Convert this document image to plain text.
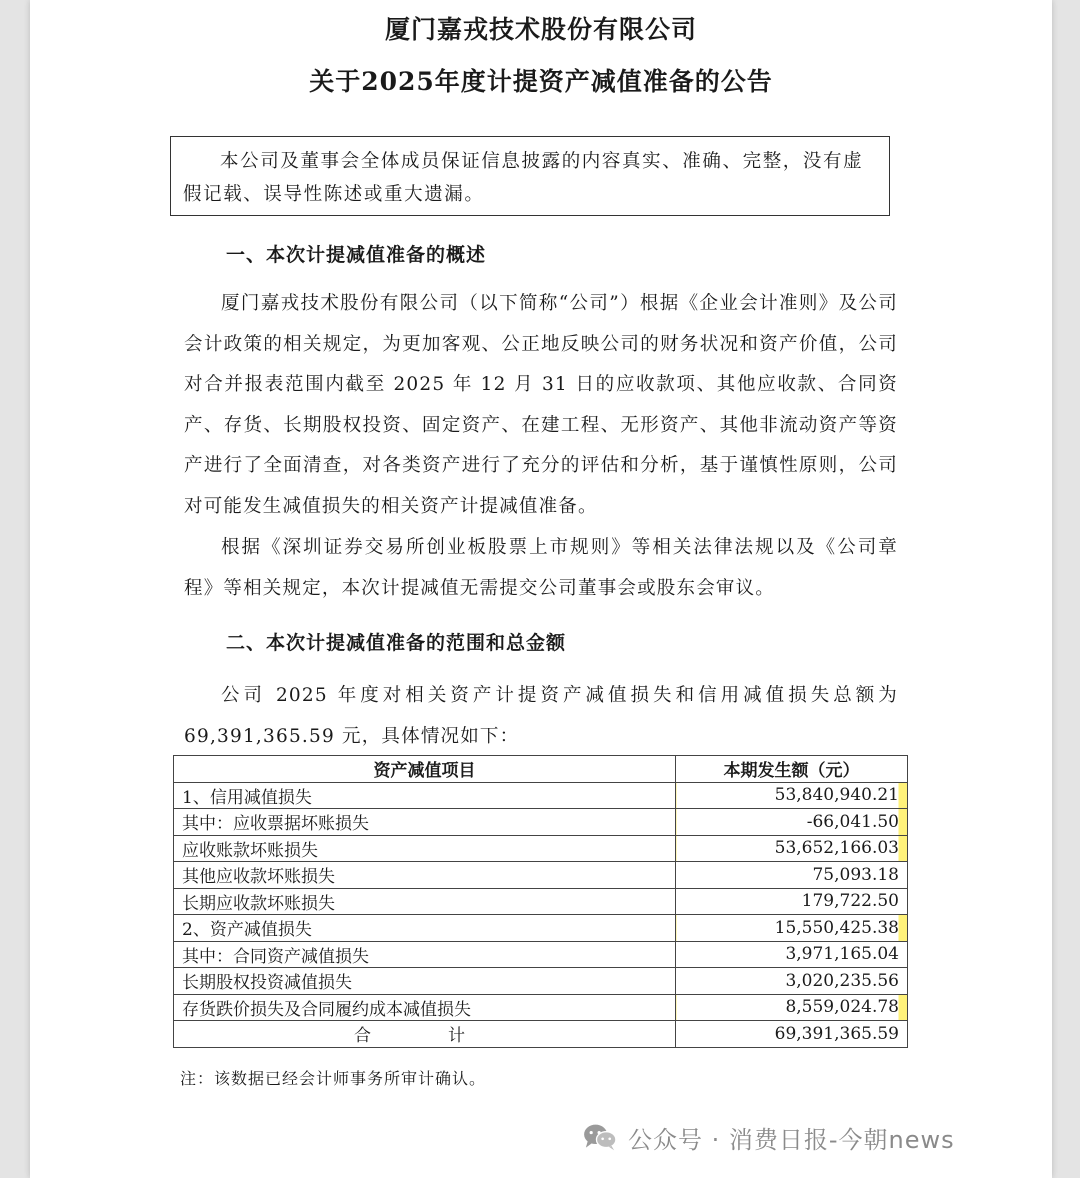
厦门嘉戎技术股份有限公司
关于2025年度计提资产减值准备的公告

本公司及董事会全体成员保证信息披露的内容真实、准确、完整，没有虚假记载、误导性陈述或重大遗漏。

一、本次计提减值准备的概述

厦门嘉戎技术股份有限公司（以下简称“公司”）根据《企业会计准则》及公司会计政策的相关规定，为更加客观、公正地反映公司的财务状况和资产价值，公司对合并报表范围内截至 2025 年 12 月 31 日的应收款项、其他应收款、合同资产、存货、长期股权投资、固定资产、在建工程、无形资产、其他非流动资产等资产进行了全面清查，对各类资产进行了充分的评估和分析，基于谨慎性原则，公司对可能发生减值损失的相关资产计提减值准备。

根据《深圳证券交易所创业板股票上市规则》等相关法律法规以及《公司章程》等相关规定，本次计提减值无需提交公司董事会或股东会审议。

二、本次计提减值准备的范围和总金额

公司 2025 年度对相关资产计提资产减值损失和信用减值损失总额为 69,391,365.59 元，具体情况如下：

资产减值项目	本期发生额（元）
1、信用减值损失	53,840,940.21
其中：应收票据坏账损失	-66,041.50
应收账款坏账损失	53,652,166.03
其他应收款坏账损失	75,093.18
长期应收款坏账损失	179,722.50
2、资产减值损失	15,550,425.38
其中：合同资产减值损失	3,971,165.04
长期股权投资减值损失	3,020,235.56
存货跌价损失及合同履约成本减值损失	8,559,024.78
合　计	69,391,365.59
注：该数据已经会计师事务所审计确认。
公众号 · 消费日报-今朝news
